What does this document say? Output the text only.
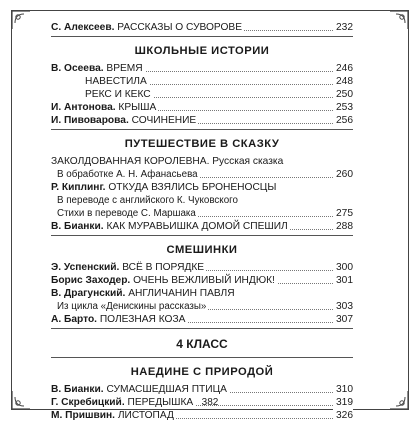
С. Алексеев. РАССКАЗЫ О СУВОРОВЕ	232
ШКОЛЬНЫЕ ИСТОРИИ
В. Осеева. ВРЕМЯ	246
НАВЕСТИЛА	248
РЕКС И КЕКС	250
И. Антонова. КРЫША	253
И. Пивоварова. СОЧИНЕНИЕ	256
ПУТЕШЕСТВИЕ В СКАЗКУ
ЗАКОЛДОВАННАЯ КОРОЛЕВНА. Русская сказка
В обработке А. Н. Афанасьева	260
Р. Киплинг. ОТКУДА ВЗЯЛИСЬ БРОНЕНОСЦЫ
В переводе с английского К. Чуковского
Стихи в переводе С. Маршака	275
В. Бианки. КАК МУРАВЬИШКА ДОМОЙ СПЕШИЛ	288
СМЕШИНКИ
Э. Успенский. ВСЁ В ПОРЯДКЕ	300
Борис Заходер. ОЧЕНЬ ВЕЖЛИВЫЙ ИНДЮК!	301
В. Драгунский. АНГЛИЧАНИН ПАВЛЯ
Из цикла «Денискины рассказы»	303
А. Барто. ПОЛЕЗНАЯ КОЗА	307
4 КЛАСС
НАЕДИНЕ С ПРИРОДОЙ
В. Бианки. СУМАСШЕДШАЯ ПТИЦА	310
Г. Скребицкий. ПЕРЕДЫШКА	319
М. Пришвин. ЛИСТОПАД	326
382
